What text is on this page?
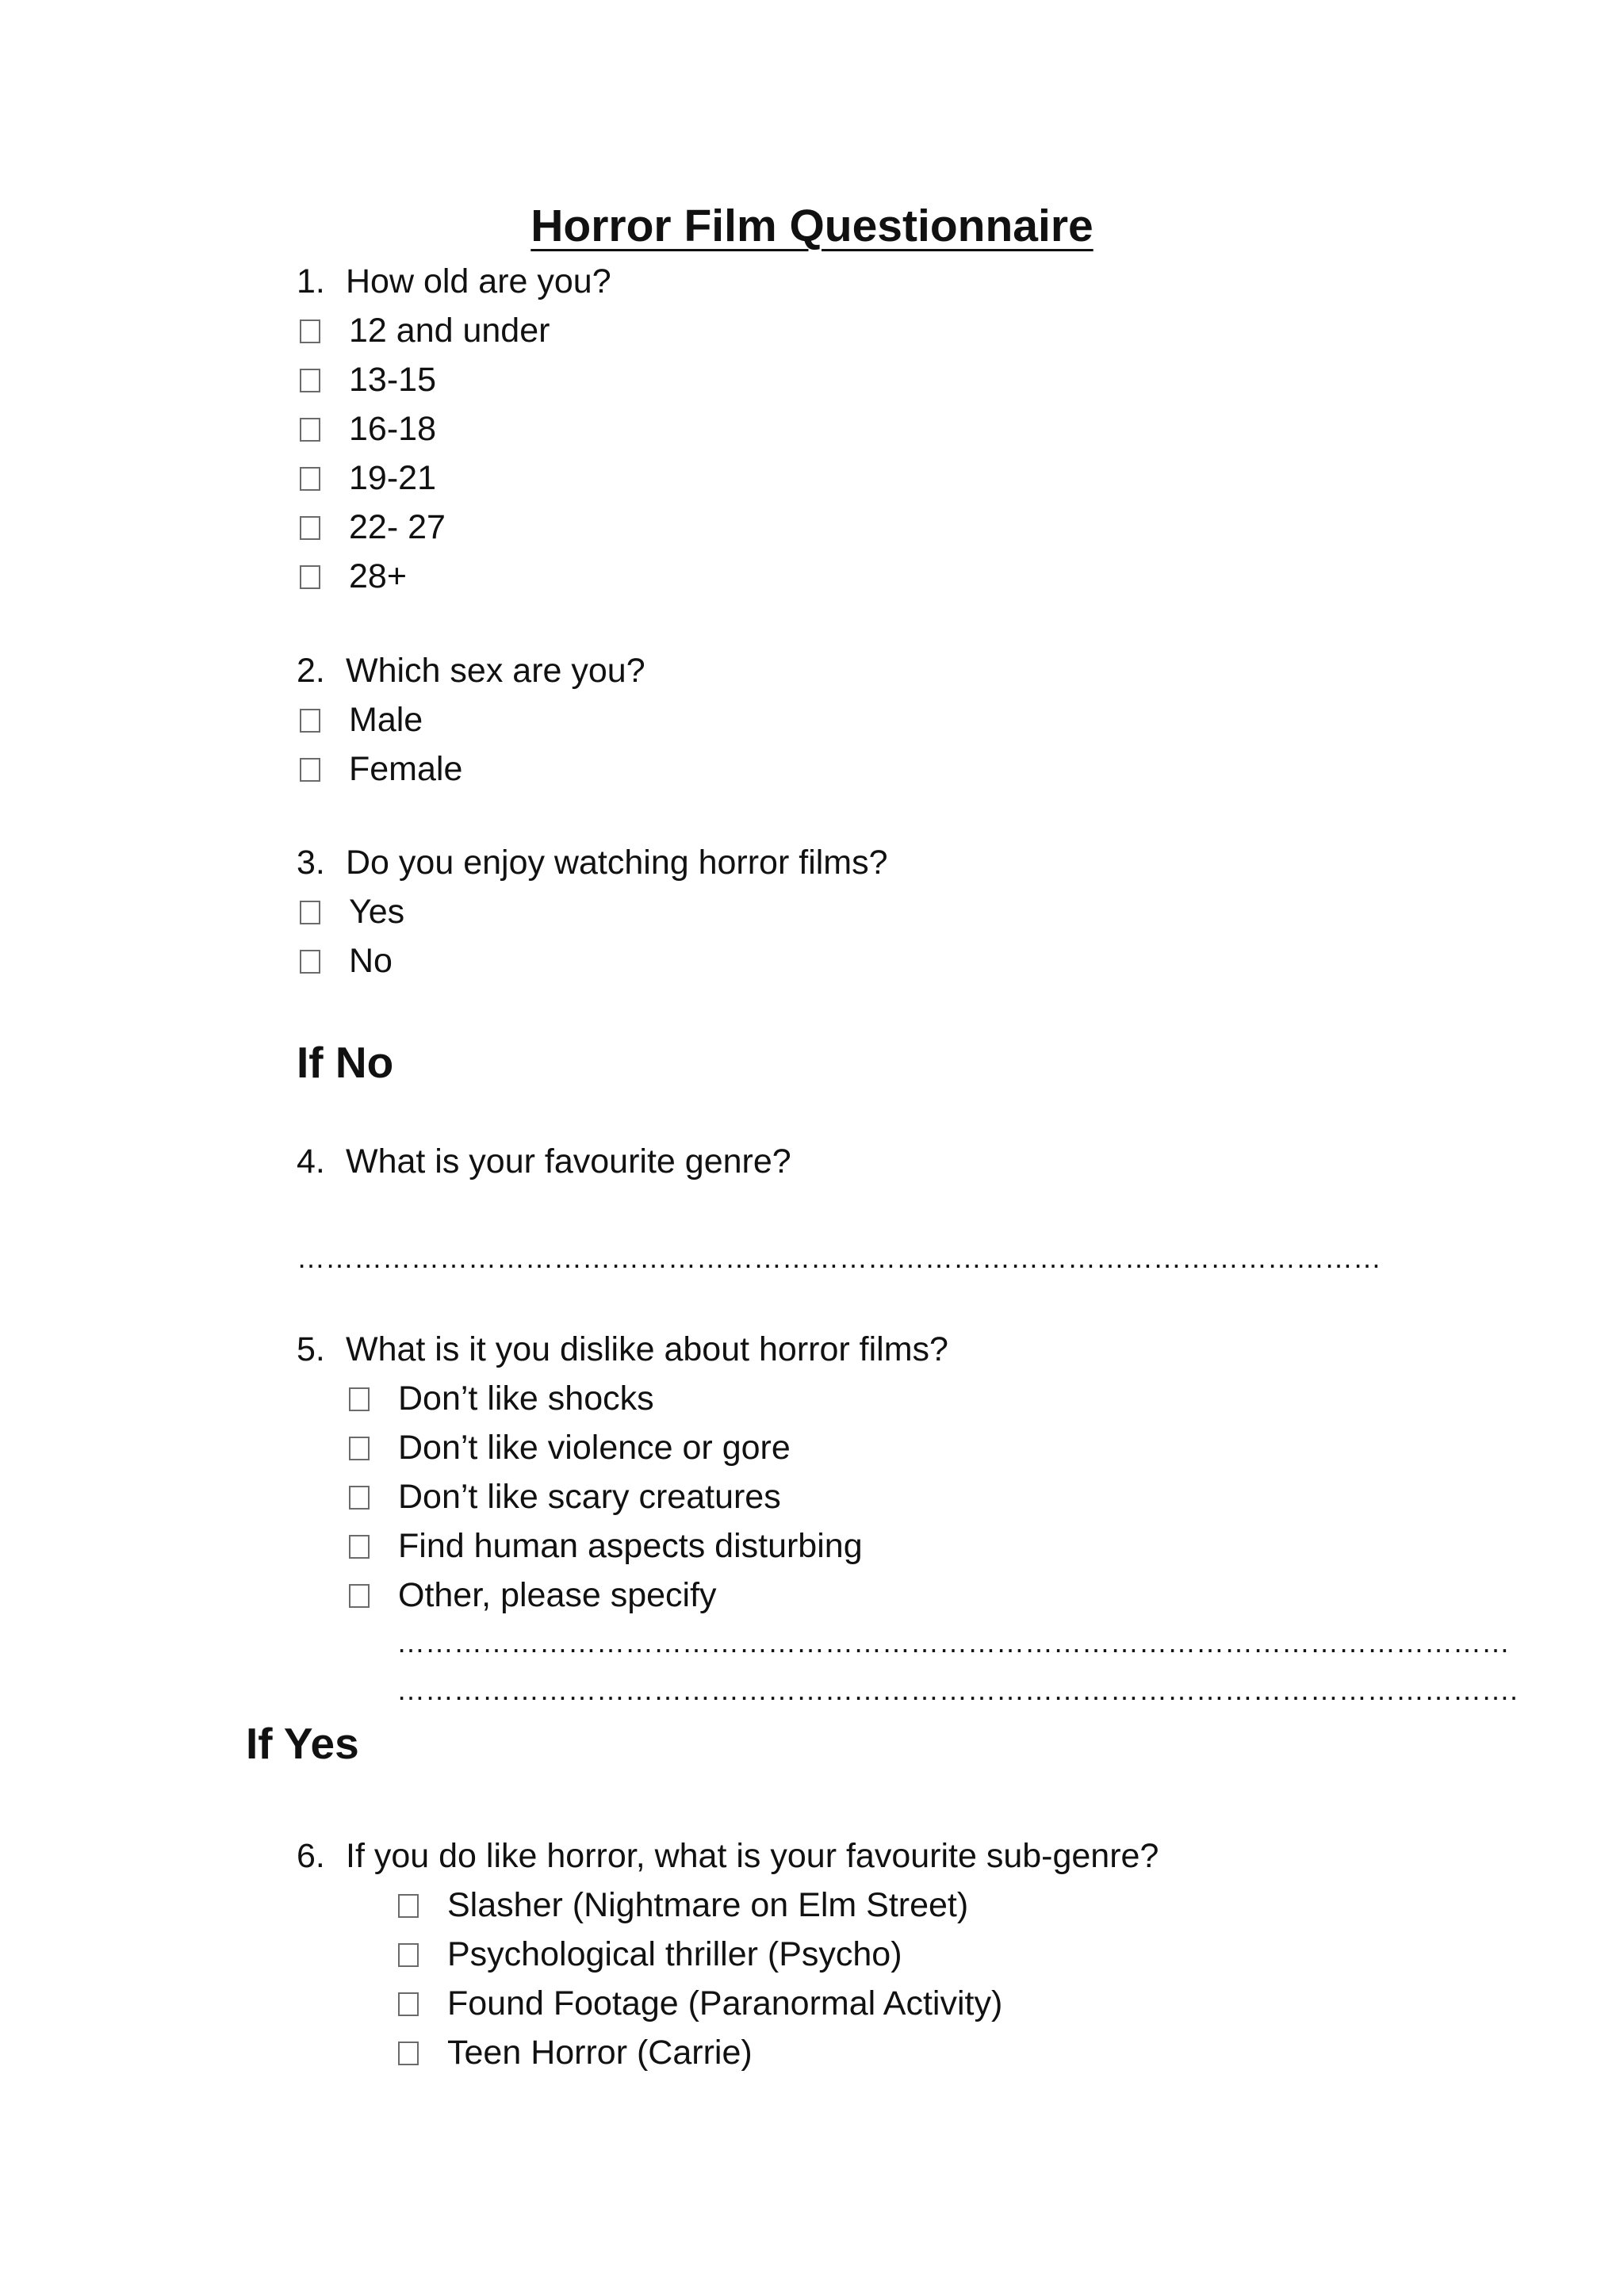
Horror Film Questionnaire
1. How old are you?
12 and under
13-15
16-18
19-21
22- 27
28+
2. Which sex are you?
Male
Female
3. Do you enjoy watching horror films?
Yes
No
If No
4. What is your favourite genre?
……………………………………………………………………………………………………
5. What is it you dislike about horror films?
Don’t like shocks
Don’t like violence or gore
Don’t like scary creatures
Find human aspects disturbing
Other, please specify
………………………………………………………………………………………………………
……………………………………………………………………………………………………….
If Yes
6. If you do like horror, what is your favourite sub-genre?
Slasher (Nightmare on Elm Street)
Psychological thriller (Psycho)
Found Footage (Paranormal Activity)
Teen Horror (Carrie)
